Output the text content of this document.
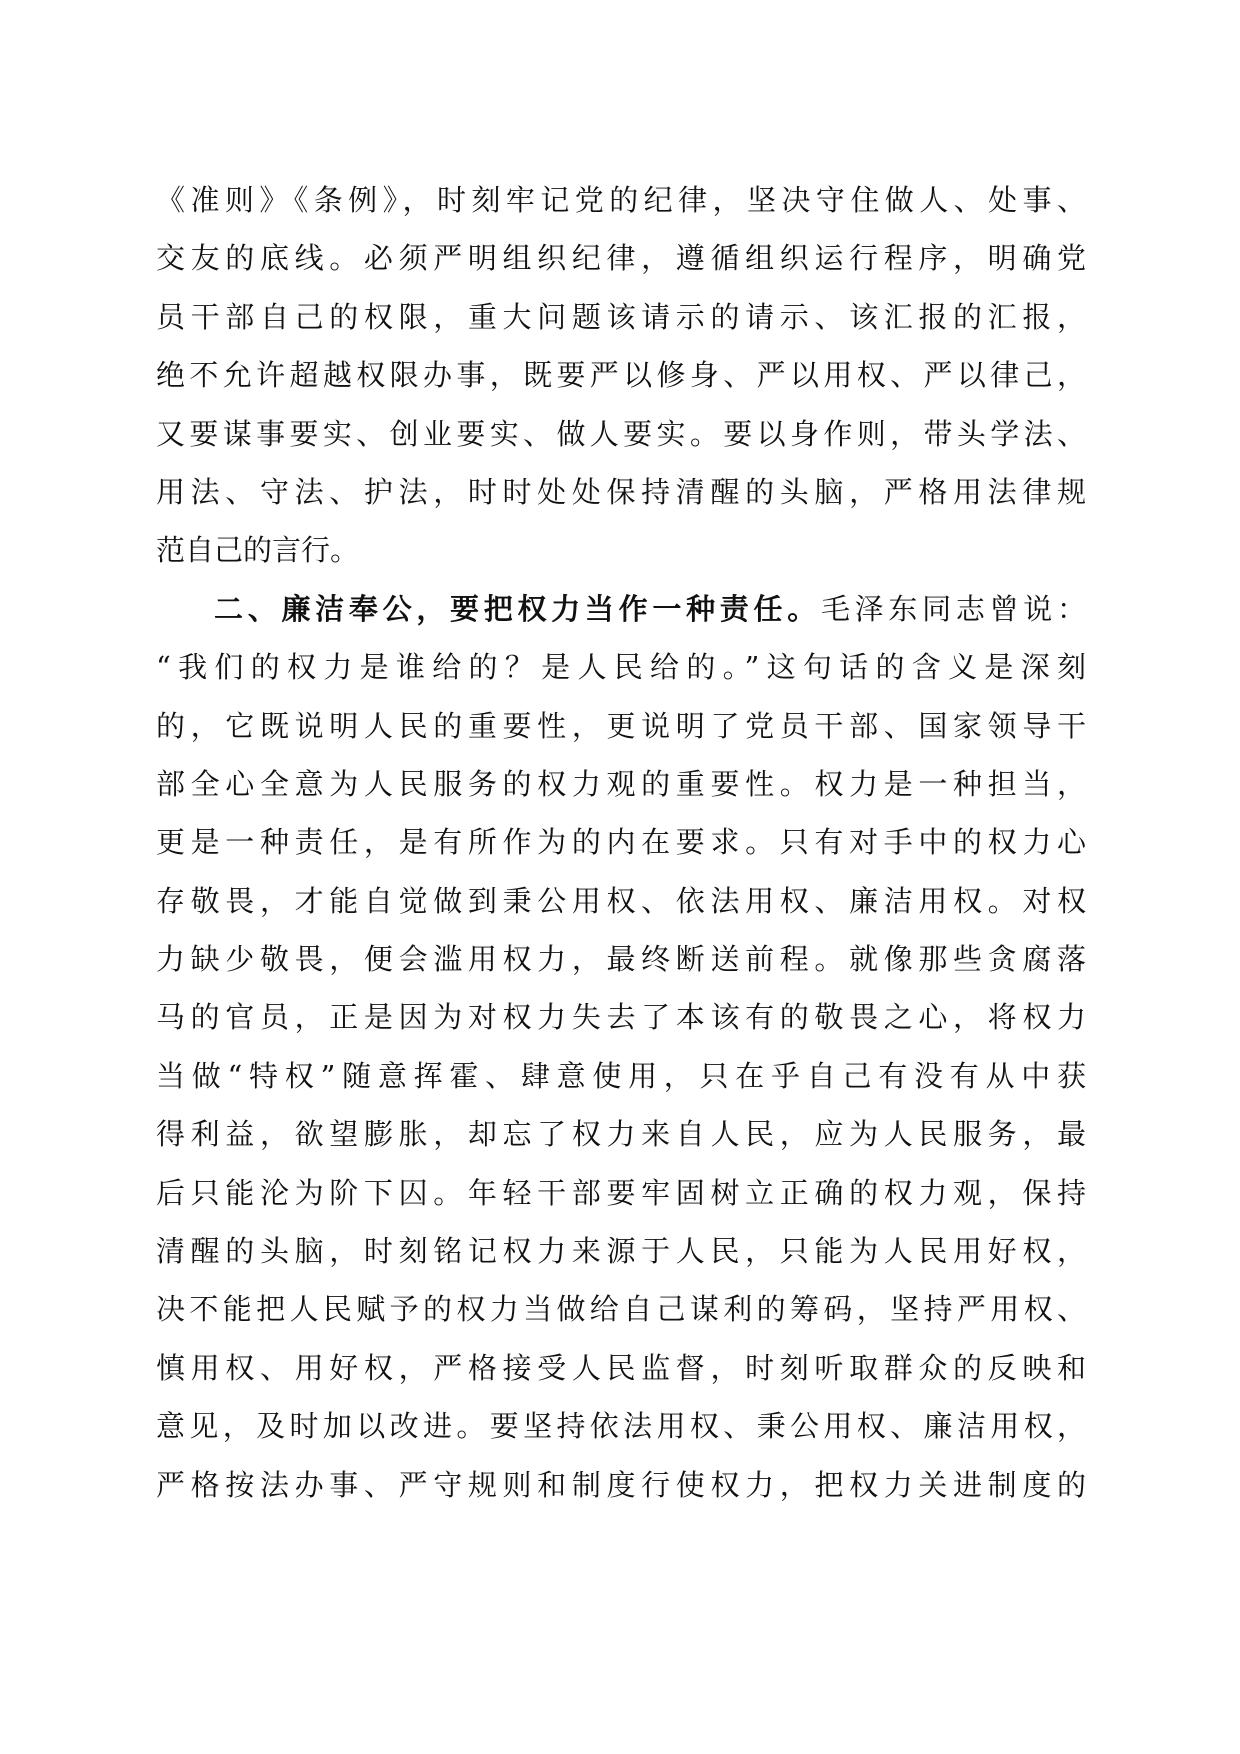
《准则》《条例》，时刻牢记党的纪律，坚决守住做人、处事、
交友的底线。必须严明组织纪律，遵循组织运行程序，明确党
员干部自己的权限，重大问题该请示的请示、该汇报的汇报，
绝不允许超越权限办事，既要严以修身、严以用权、严以律己，
又要谋事要实、创业要实、做人要实。要以身作则，带头学法、
用法、守法、护法，时时处处保持清醒的头脑，严格用法律规
范自己的言行。
二、廉洁奉公，要把权力当作一种责任。毛泽东同志曾说：
“我们的权力是谁给的？是人民给的。”这句话的含义是深刻
的，它既说明人民的重要性，更说明了党员干部、国家领导干
部全心全意为人民服务的权力观的重要性。权力是一种担当，
更是一种责任，是有所作为的内在要求。只有对手中的权力心
存敬畏，才能自觉做到秉公用权、依法用权、廉洁用权。对权
力缺少敬畏，便会滥用权力，最终断送前程。就像那些贪腐落
马的官员，正是因为对权力失去了本该有的敬畏之心，将权力
当做“特权”随意挥霍、肆意使用，只在乎自己有没有从中获
得利益，欲望膨胀，却忘了权力来自人民，应为人民服务，最
后只能沦为阶下囚。年轻干部要牢固树立正确的权力观，保持
清醒的头脑，时刻铭记权力来源于人民，只能为人民用好权，
决不能把人民赋予的权力当做给自己谋利的筹码，坚持严用权、
慎用权、用好权，严格接受人民监督，时刻听取群众的反映和
意见，及时加以改进。要坚持依法用权、秉公用权、廉洁用权，
严格按法办事、严守规则和制度行使权力，把权力关进制度的
